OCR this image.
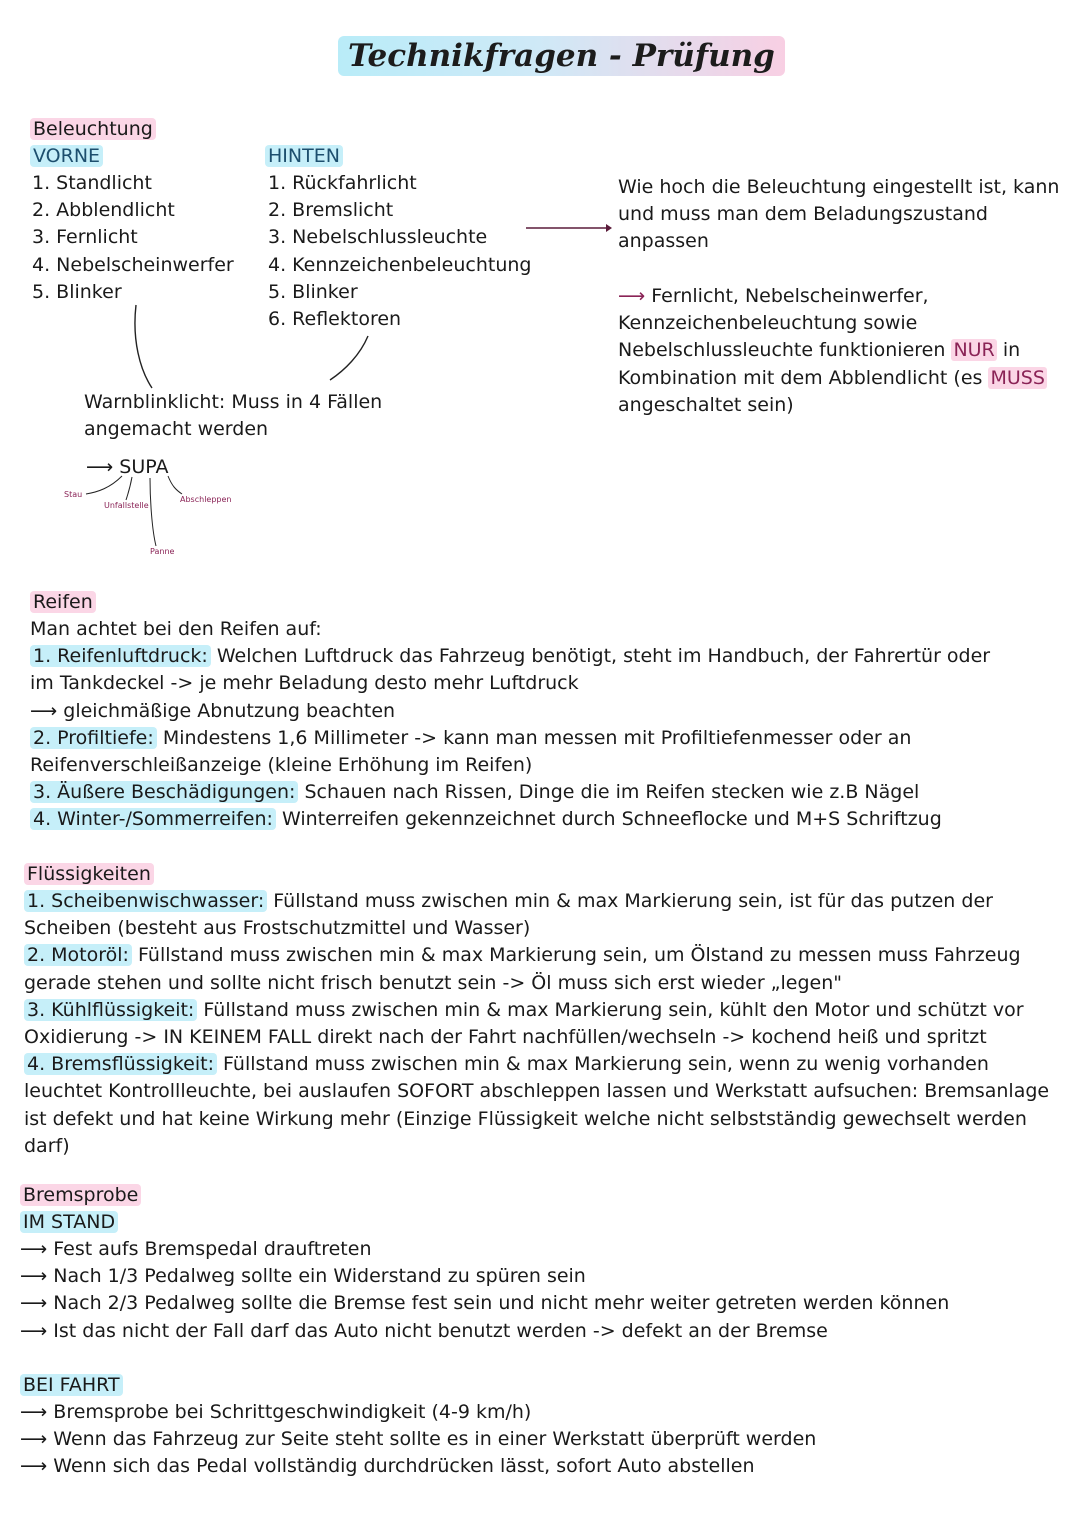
Technikfragen - Prüfung
Beleuchtung
VORNE
1. Standlicht
2. Abblendlicht
3. Fernlicht
4. Nebelscheinwerfer
5. Blinker
HINTEN
1. Rückfahrlicht
2. Bremslicht
3. Nebelschlussleuchte
4. Kennzeichenbeleuchtung
5. Blinker
6. Reflektoren
Warnblinklicht: Muss in 4 Fällen
angemacht werden
⟶ SUPA
Stau
Unfallstelle
Panne
Abschleppen
Wie hoch die Beleuchtung eingestellt ist, kann
und muss man dem Beladungszustand
anpassen
⟶ Fernlicht, Nebelscheinwerfer,
Kennzeichenbeleuchtung sowie
Nebelschlussleuchte funktionieren NUR in
Kombination mit dem Abblendlicht (es MUSS
angeschaltet sein)
Reifen
Man achtet bei den Reifen auf:
1. Reifenluftdruck: Welchen Luftdruck das Fahrzeug benötigt, steht im Handbuch, der Fahrertür oder
im Tankdeckel -> je mehr Beladung desto mehr Luftdruck
⟶ gleichmäßige Abnutzung beachten
2. Profiltiefe: Mindestens 1,6 Millimeter -> kann man messen mit Profiltiefenmesser oder an
Reifenverschleißanzeige (kleine Erhöhung im Reifen)
3. Äußere Beschädigungen: Schauen nach Rissen, Dinge die im Reifen stecken wie z.B Nägel
4. Winter-/Sommerreifen: Winterreifen gekennzeichnet durch Schneeflocke und M+S Schriftzug
Flüssigkeiten
1. Scheibenwischwasser: Füllstand muss zwischen min & max Markierung sein, ist für das putzen der
Scheiben (besteht aus Frostschutzmittel und Wasser)
2. Motoröl: Füllstand muss zwischen min & max Markierung sein, um Ölstand zu messen muss Fahrzeug
gerade stehen und sollte nicht frisch benutzt sein -> Öl muss sich erst wieder „legen"
3. Kühlflüssigkeit: Füllstand muss zwischen min & max Markierung sein, kühlt den Motor und schützt vor
Oxidierung -> IN KEINEM FALL direkt nach der Fahrt nachfüllen/wechseln -> kochend heiß und spritzt
4. Bremsflüssigkeit: Füllstand muss zwischen min & max Markierung sein, wenn zu wenig vorhanden
leuchtet Kontrollleuchte, bei auslaufen SOFORT abschleppen lassen und Werkstatt aufsuchen: Bremsanlage
ist defekt und hat keine Wirkung mehr (Einzige Flüssigkeit welche nicht selbstständig gewechselt werden
darf)
Bremsprobe
IM STAND
⟶ Fest aufs Bremspedal drauftreten
⟶ Nach 1/3 Pedalweg sollte ein Widerstand zu spüren sein
⟶ Nach 2/3 Pedalweg sollte die Bremse fest sein und nicht mehr weiter getreten werden können
⟶ Ist das nicht der Fall darf das Auto nicht benutzt werden -> defekt an der Bremse
BEI FAHRT
⟶ Bremsprobe bei Schrittgeschwindigkeit (4-9 km/h)
⟶ Wenn das Fahrzeug zur Seite steht sollte es in einer Werkstatt überprüft werden
⟶ Wenn sich das Pedal vollständig durchdrücken lässt, sofort Auto abstellen
